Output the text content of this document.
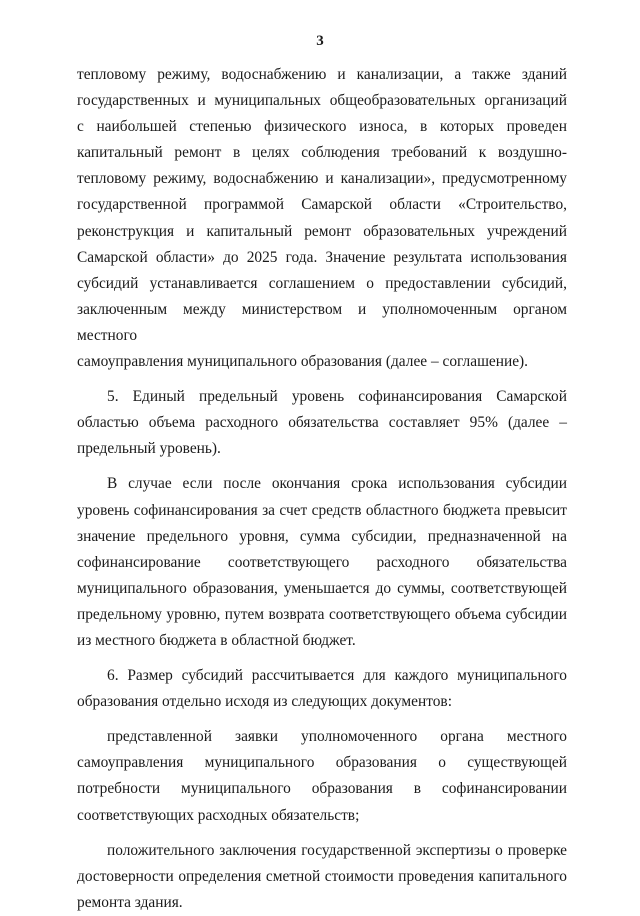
3
тепловому режиму, водоснабжению и канализации, а также зданий
государственных и муниципальных общеобразовательных организаций
с наибольшей степенью физического износа, в которых проведен
капитальный ремонт в целях соблюдения требований к воздушно-
тепловому режиму, водоснабжению и канализации», предусмотренному
государственной программой Самарской области «Строительство,
реконструкция и капитальный ремонт образовательных учреждений
Самарской области» до 2025 года. Значение результата использования
субсидий устанавливается соглашением о предоставлении субсидий,
заключенным между министерством и уполномоченным органом местного
самоуправления муниципального образования (далее – соглашение).
5. Единый предельный уровень софинансирования Самарской
областью объема расходного обязательства составляет 95% (далее –
предельный уровень).
В случае если после окончания срока использования субсидии
уровень софинансирования за счет средств областного бюджета превысит
значение предельного уровня, сумма субсидии, предназначенной на
софинансирование соответствующего расходного обязательства
муниципального образования, уменьшается до суммы, соответствующей
предельному уровню, путем возврата соответствующего объема субсидии
из местного бюджета в областной бюджет.
6. Размер субсидий рассчитывается для каждого муниципального
образования отдельно исходя из следующих документов:
представленной заявки уполномоченного органа местного
самоуправления муниципального образования о существующей
потребности муниципального образования в софинансировании
соответствующих расходных обязательств;
положительного заключения государственной экспертизы о проверке
достоверности определения сметной стоимости проведения капитального
ремонта здания.
